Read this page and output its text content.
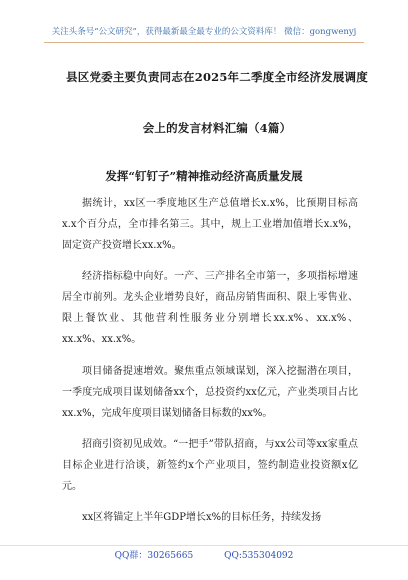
关注头条号“公文研究”，获得最新最全最专业的公文资料库！ 微信：gongwenyj
县区党委主要负责同志在2025年二季度全市经济发展调度
会上的发言材料汇编（4篇）
发挥“钉钉子”精神推动经济高质量发展

据统计，xx区一季度地区生产总值增长x.x%，比预期目标高x.x个百分点，全市排名第三。其中，规上工业增加值增长x.x%，固定资产投资增长xx.x%。

经济指标稳中向好。一产、三产排名全市第一，多项指标增速居全市前列。龙头企业增势良好，商品房销售面积、限上零售业、限上餐饮业、其他营利性服务业分别增长xx.x%、xx.x%、xx.x%、xx.x%。

项目储备提速增效。聚焦重点领域谋划，深入挖掘潜在项目，一季度完成项目谋划储备xx个，总投资约xx亿元，产业类项目占比xx.x%，完成年度项目谋划储备目标数的xx%。

招商引资初见成效。“一把手”带队招商，与xx公司等xx家重点目标企业进行洽谈，新签约x个产业项目，签约制造业投资额x亿元。

xx区将锚定上半年GDP增长x%的目标任务，持续发扬

QQ群：30265665	QQ:535304092
